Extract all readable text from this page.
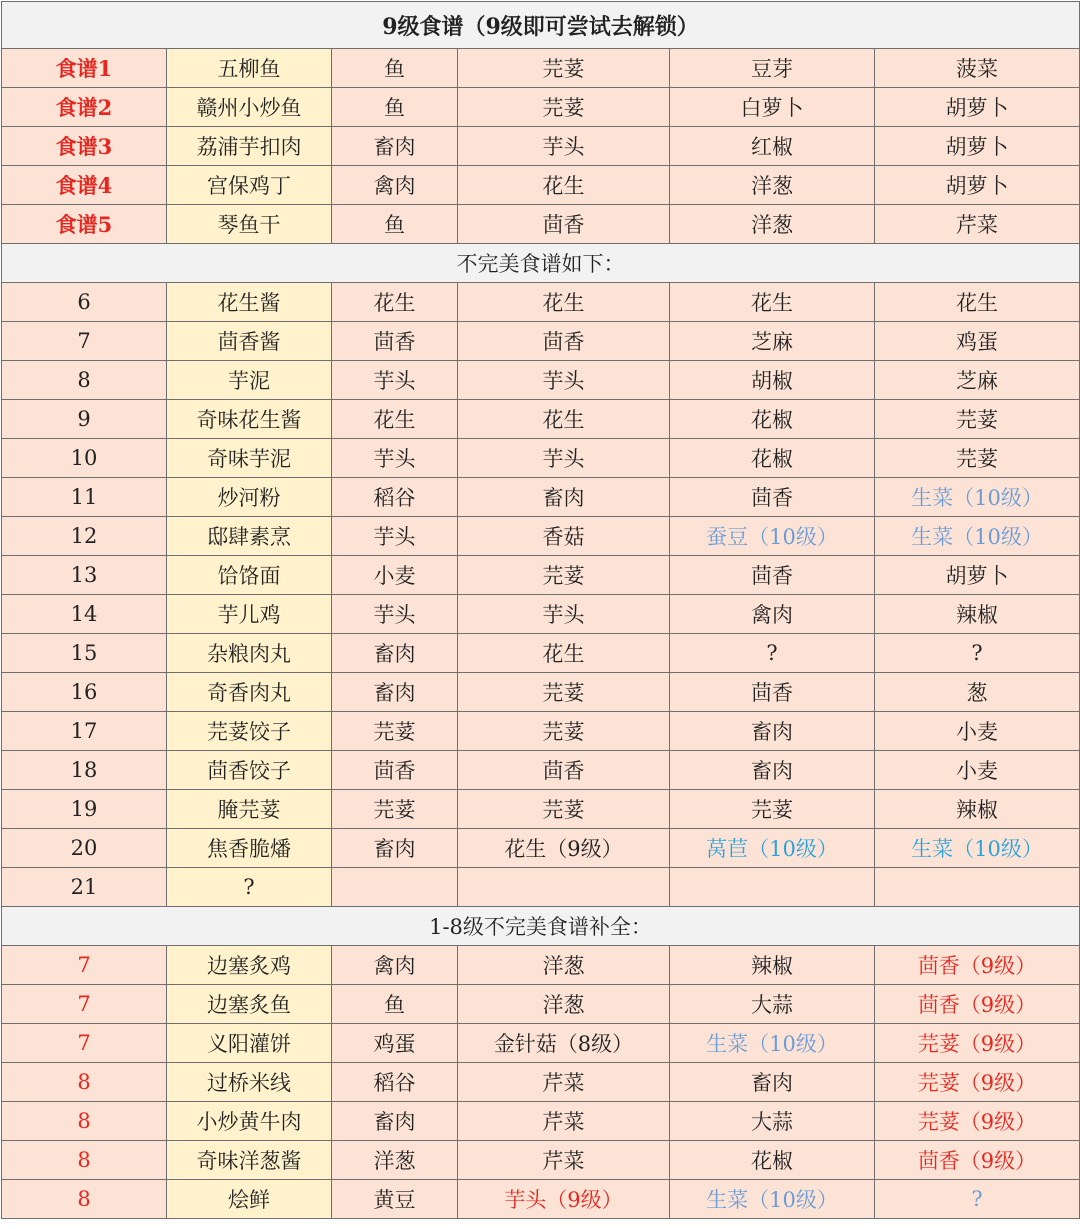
9级食谱（9级即可尝试去解锁）					
食谱1	五柳鱼	鱼	芫荽	豆芽	菠菜
食谱2	赣州小炒鱼	鱼	芫荽	白萝卜	胡萝卜
食谱3	荔浦芋扣肉	畜肉	芋头	红椒	胡萝卜
食谱4	宫保鸡丁	禽肉	花生	洋葱	胡萝卜
食谱5	琴鱼干	鱼	茴香	洋葱	芹菜
不完美食谱如下：					
6	花生酱	花生	花生	花生	花生
7	茴香酱	茴香	茴香	芝麻	鸡蛋
8	芋泥	芋头	芋头	胡椒	芝麻
9	奇味花生酱	花生	花生	花椒	芫荽
10	奇味芋泥	芋头	芋头	花椒	芫荽
11	炒河粉	稻谷	畜肉	茴香	生菜（10级）
12	邸肆素烹	芋头	香菇	蚕豆（10级）	生菜（10级）
13	饸饹面	小麦	芫荽	茴香	胡萝卜
14	芋儿鸡	芋头	芋头	禽肉	辣椒
15	杂粮肉丸	畜肉	花生	?	?
16	奇香肉丸	畜肉	芫荽	茴香	葱
17	芫荽饺子	芫荽	芫荽	畜肉	小麦
18	茴香饺子	茴香	茴香	畜肉	小麦
19	腌芫荽	芫荽	芫荽	芫荽	辣椒
20	焦香脆燔	畜肉	花生（9级）	莴苣（10级）	生菜（10级）
21	?				
1-8级不完美食谱补全：					
7	边塞炙鸡	禽肉	洋葱	辣椒	茴香（9级）
7	边塞炙鱼	鱼	洋葱	大蒜	茴香（9级）
7	义阳灌饼	鸡蛋	金针菇（8级）	生菜（10级）	芫荽（9级）
8	过桥米线	稻谷	芹菜	畜肉	芫荽（9级）
8	小炒黄牛肉	畜肉	芹菜	大蒜	芫荽（9级）
8	奇味洋葱酱	洋葱	芹菜	花椒	茴香（9级）
8	烩鲜	黄豆	芋头（9级）	生菜（10级）	?
